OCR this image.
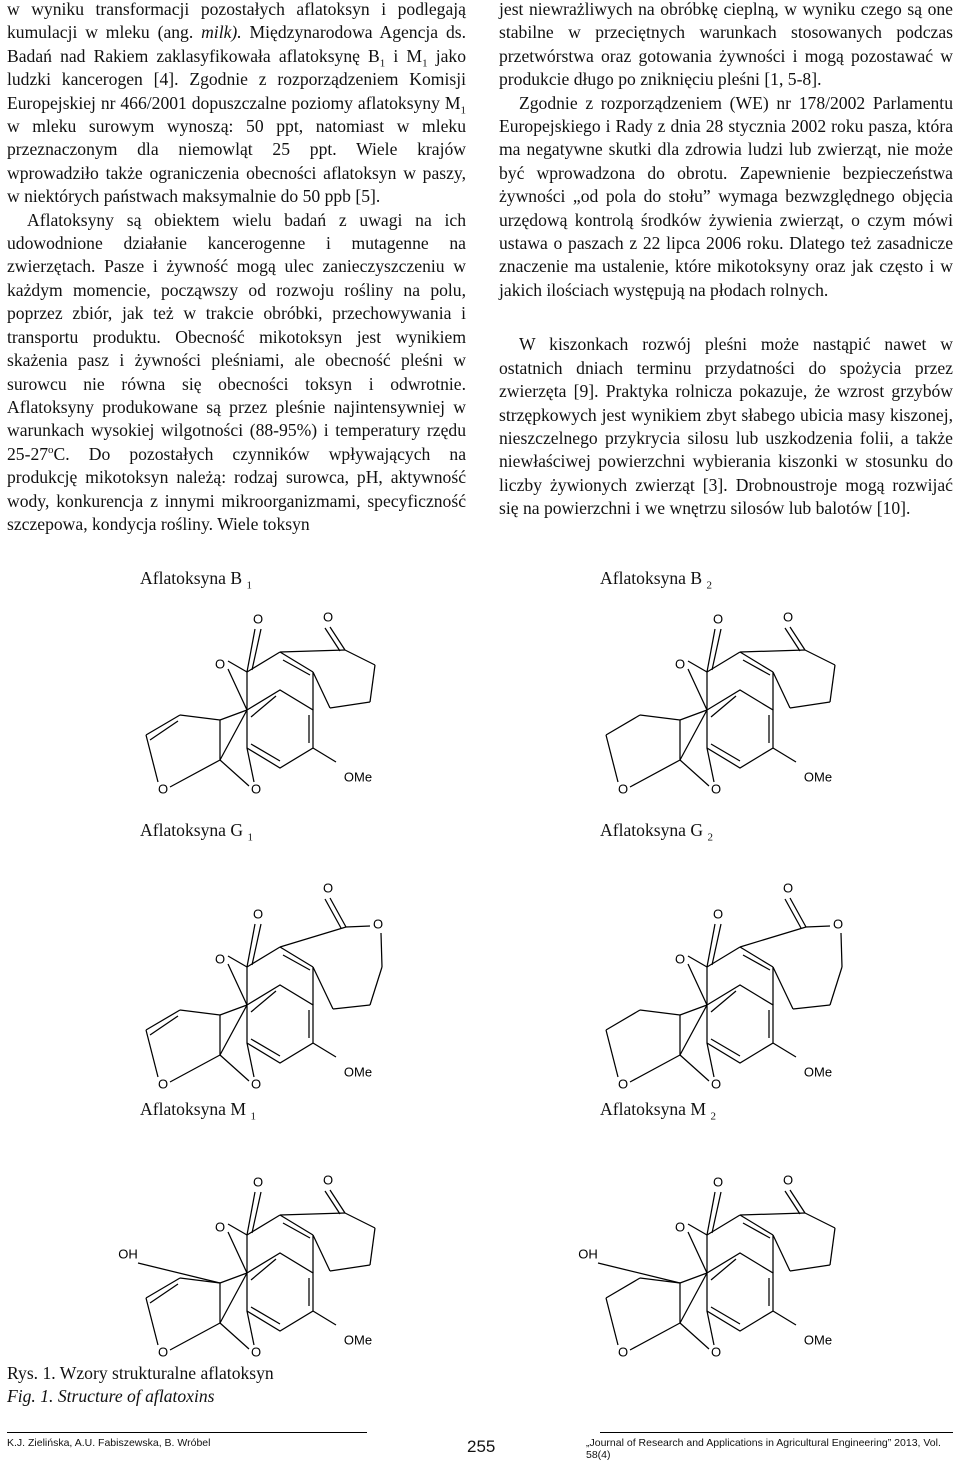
w wyniku transformacji pozostałych aflatoksyn i podlegają kumulacji w mleku (ang. milk). Międzynarodowa Agencja ds. Badań nad Rakiem zaklasyfikowała aflatoksynę $B_1$ i $M_1$ jako ludzki kancerogen [4]. Zgodnie z rozporządzeniem Komisji Europejskiej nr 466/2001 dopuszczalne poziomy aflatoksyny $M_1$ w mleku surowym wynoszą: 50 ppt, natomiast w mleku przeznaczonym dla niemowląt 25 ppt. Wiele krajów wprowadziło także ograniczenia obecności aflatoksyn w paszy, w niektórych państwach maksymalnie do 50 ppb [5].

Aflatoksyny są obiektem wielu badań z uwagi na ich udowodnione działanie kancerogenne i mutagenne na zwierzętach. Pasze i żywność mogą ulec zanieczyszczeniu w każdym momencie, począwszy od rozwoju rośliny na polu, poprzez zbiór, jak też w trakcie obróbki, przechowywania i transportu produktu. Obecność mikotoksyn jest wynikiem skażenia pasz i żywności pleśniami, ale obecność pleśni w surowcu nie równa się obecności toksyn i odwrotnie. Aflatoksyny produkowane są przez pleśnie najintensywniej w warunkach wysokiej wilgotności (88-95%) i temperatury rzędu 25-27$^o$C. Do pozostałych czynników wpływających na produkcję mikotoksyn należą: rodzaj surowca, pH, aktywność wody, konkurencja z innymi mikroorganizmami, specyficzność szczepowa, kondycja rośliny. Wiele toksyn

jest niewrażliwych na obróbkę cieplną, w wyniku czego są one stabilne w przeciętnych warunkach stosowanych podczas przetwórstwa oraz gotowania żywności i mogą pozostawać w produkcie długo po zniknięciu pleśni [1, 5-8].

Zgodnie z rozporządzeniem (WE) nr 178/2002 Parlamentu Europejskiego i Rady z dnia 28 stycznia 2002 roku pasza, która ma negatywne skutki dla zdrowia ludzi lub zwierząt, nie może być wprowadzona do obrotu. Zapewnienie bezpieczeństwa żywności „od pola do stołu” wymaga bezwzględnego objęcia urzędową kontrolą środków żywienia zwierząt, o czym mówi ustawa o paszach z 22 lipca 2006 roku. Dlatego też zasadnicze znaczenie ma ustalenie, które mikotoksyny oraz jak często i w jakich ilościach występują na płodach rolnych.

W kiszonkach rozwój pleśni może nastąpić nawet w ostatnich dniach terminu przydatności do spożycia przez zwierzęta [9]. Praktyka rolnicza pokazuje, że wzrost grzybów strzępkowych jest wynikiem zbyt słabego ubicia masy kiszonej, nieszczelnego przykrycia silosu lub uszkodzenia folii, a także niewłaściwej powierzchni wybierania kiszonki w stosunku do liczby żywionych zwierząt [3]. Drobnoustroje mogą rozwijać się na powierzchni i we wnętrzu silosów lub balotów [10].

Aflatoksyna B $_1$	Aflatoksyna B $_2$
Aflatoksyna G $_1$	Aflatoksyna G $_2$
Aflatoksyna M $_1$	Aflatoksyna M $_2$
OMe
O
O
O
O	O
OMe
O
O
O
O	O
OMe
O
O
O
O
O
O
OMe
O
O
O
O
O
O
OMe
O
O
OH
O
O	O
OMe
O
O
OH
O
O	O
Rys. 1. Wzory strukturalne aflatoksyn
Fig. 1. Structure of aflatoxins
K.J. Zielińska, A.U. Fabiszewska, B. Wróbel	255	„Journal of Research and Applications in Agricultural Engineering” 2013, Vol. 58(4)
